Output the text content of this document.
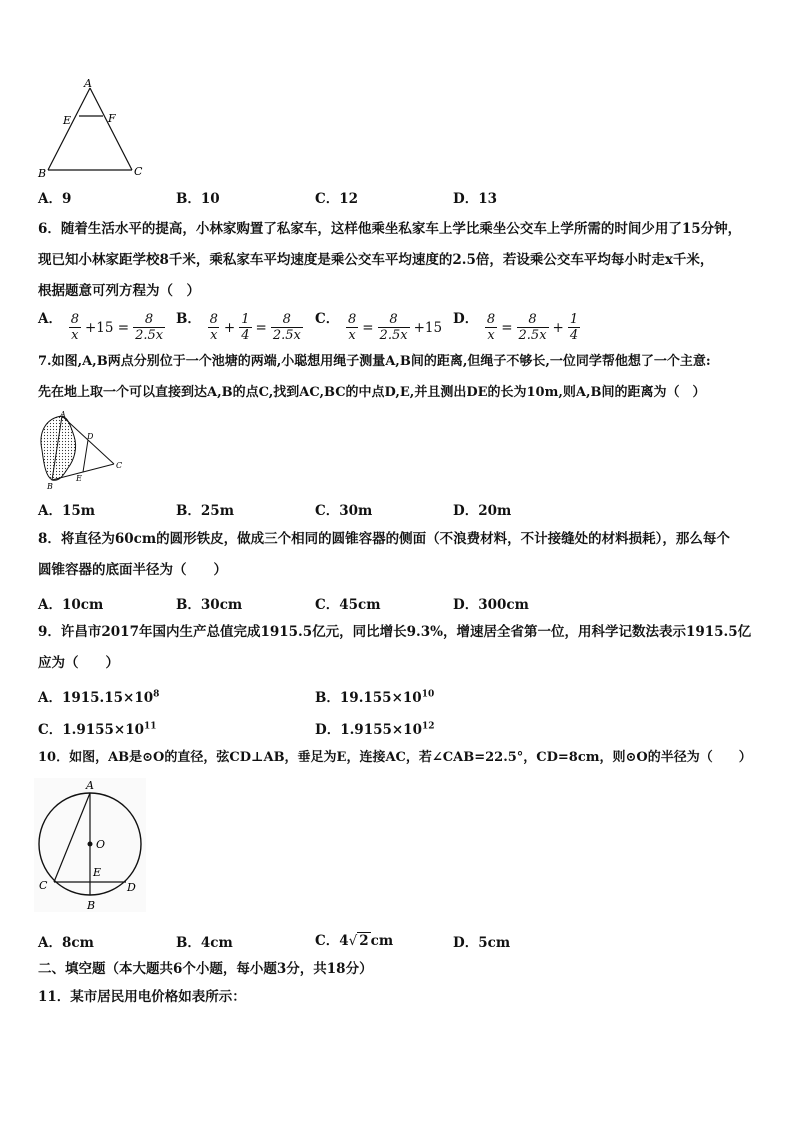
A
E	F
B	C
A．9	B．10	C．12	D．13
6．随着生活水平的提高，小林家购置了私家车，这样他乘坐私家车上学比乘坐公交车上学所需的时间少用了15分钟，
现已知小林家距学校8千米，乘私家车平均速度是乘公交车平均速度的2.5倍，若设乘公交车平均每小时走x千米，
根据题意可列方程为（　）
A． $\frac{8}{x} +15 = \frac{8}{2.5x}$ B． $\frac{8}{x} + \frac{1}{4} = \frac{8}{2.5x}$ C． $\frac{8}{x} = \frac{8}{2.5x} +15$
D． $\frac{8}{x} = \frac{8}{2.5x} + \frac{1}{4}$
7.如图,A,B两点分别位于一个池塘的两端,小聪想用绳子测量A,B间的距离,但绳子不够长,一位同学帮他想了一个主意:
先在地上取一个可以直接到达A,B的点C,找到AC,BC的中点D,E,并且测出DE的长为10m,则A,B间的距离为（　）
A
B
C
D
E
A．15m	B．25m	C．30m	D．20m
8．将直径为60cm的圆形铁皮，做成三个相同的圆锥容器的侧面（不浪费材料，不计接缝处的材料损耗），那么每个
圆锥容器的底面半径为（　　）
A．10cm	B．30cm	C．45cm	D．300cm
9．许昌市2017年国内生产总值完成1915.5亿元，同比增长9.3%，增速居全省第一位，用科学记数法表示1915.5亿
应为（　　）
A．$1915.15\times 10^8$	B．$19.155\times 10^{10}$
C．$1.9155\times 10^{11}$	D．$1.9155\times 10^{12}$
10．如图，AB是⊙O的直径，弦CD⊥AB，垂足为E，连接AC，若∠CAB=22.5°，CD=8cm，则⊙O的半径为（　　）
A
O
E
C	D
B
A．8cm	B．4cm	C．4√ 2 cm	D．5cm
二、填空题（本大题共6个小题，每小题3分，共18分）
11．某市居民用电价格如表所示：
